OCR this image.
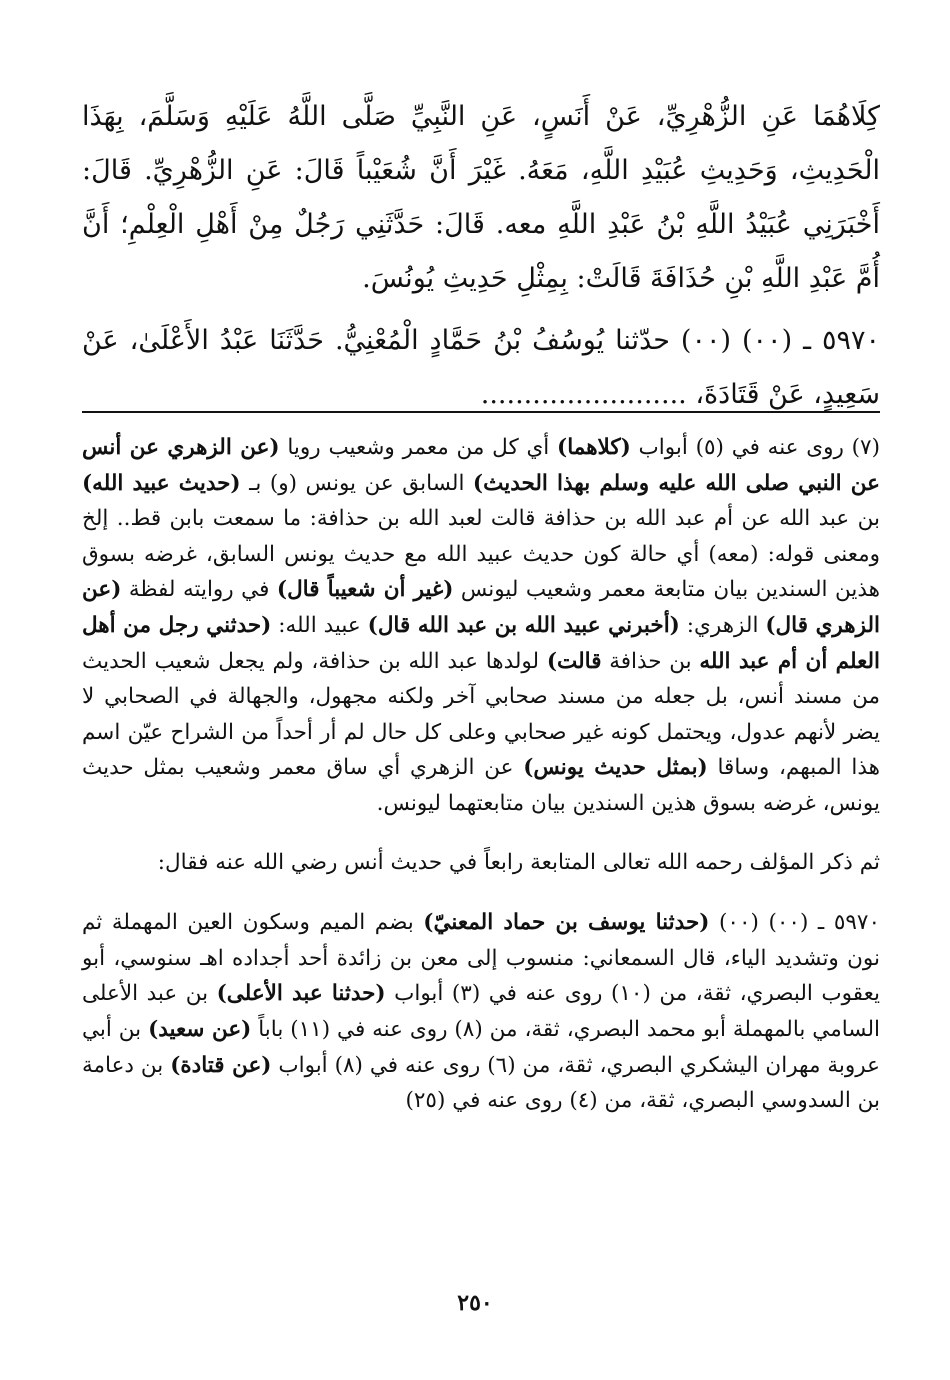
كِلَاهُمَا عَنِ الزُّهْرِيِّ، عَنْ أَنَسٍ، عَنِ النَّبِيِّ صَلَّى اللَّهُ عَلَيْهِ وَسَلَّمَ، بِهَذَا الْحَدِيثِ، وَحَدِيثِ عُبَيْدِ اللَّهِ، مَعَهُ. غَيْرَ أَنَّ شُعَيْباً قَالَ: عَنِ الزُّهْرِيِّ. قَالَ: أَخْبَرَنِي عُبَيْدُ اللَّهِ بْنُ عَبْدِ اللَّهِ معه. قَالَ: حَدَّثَنِي رَجُلٌ مِنْ أَهْلِ الْعِلْمِ؛ أَنَّ أُمَّ عَبْدِ اللَّهِ بْنِ حُذَافَةَ قَالَتْ: بِمِثْلِ حَدِيثِ يُونُسَ.

٥٩٧٠ ـ (٠٠) (٠٠) حدّثنا يُوسُفُ بْنُ حَمَّادٍ الْمُعْنِيُّ. حَدَّثَنَا عَبْدُ الأَعْلَىٰ، عَنْ سَعِيدٍ، عَنْ قَتَادَةَ، ........................

(٧) روى عنه في (٥) أبواب (كلاهما) أي كل من معمر وشعيب رويا (عن الزهري عن أنس عن النبي صلى الله عليه وسلم بهذا الحديث) السابق عن يونس (و) بـ (حديث عبيد الله) بن عبد الله عن أم عبد الله بن حذافة قالت لعبد الله بن حذافة: ما سمعت بابن قط.. إلخ ومعنى قوله: (معه) أي حالة كون حديث عبيد الله مع حديث يونس السابق، غرضه بسوق هذين السندين بيان متابعة معمر وشعيب ليونس (غير أن شعيباً قال) في روايته لفظة (عن الزهري قال) الزهري: (أخبرني عبيد الله بن عبد الله قال) عبيد الله: (حدثني رجل من أهل العلم أن أم عبد الله بن حذافة قالت) لولدها عبد الله بن حذافة، ولم يجعل شعيب الحديث من مسند أنس، بل جعله من مسند صحابي آخر ولكنه مجهول، والجهالة في الصحابي لا يضر لأنهم عدول، ويحتمل كونه غير صحابي وعلى كل حال لم أر أحداً من الشراح عيّن اسم هذا المبهم، وساقا (بمثل حديث يونس) عن الزهري أي ساق معمر وشعيب بمثل حديث يونس، غرضه بسوق هذين السندين بيان متابعتهما ليونس.

ثم ذكر المؤلف رحمه الله تعالى المتابعة رابعاً في حديث أنس رضي الله عنه فقال:

٥٩٧٠ ـ (٠٠) (٠٠) (حدثنا يوسف بن حماد المعنيّ) بضم الميم وسكون العين المهملة ثم نون وتشديد الياء، قال السمعاني: منسوب إلى معن بن زائدة أحد أجداده اهـ سنوسي، أبو يعقوب البصري، ثقة، من (١٠) روى عنه في (٣) أبواب (حدثنا عبد الأعلى) بن عبد الأعلى السامي بالمهملة أبو محمد البصري، ثقة، من (٨) روى عنه في (١١) باباً (عن سعيد) بن أبي عروبة مهران اليشكري البصري، ثقة، من (٦) روى عنه في (٨) أبواب (عن قتادة) بن دعامة بن السدوسي البصري، ثقة، من (٤) روى عنه في (٢٥)

٢٥٠
